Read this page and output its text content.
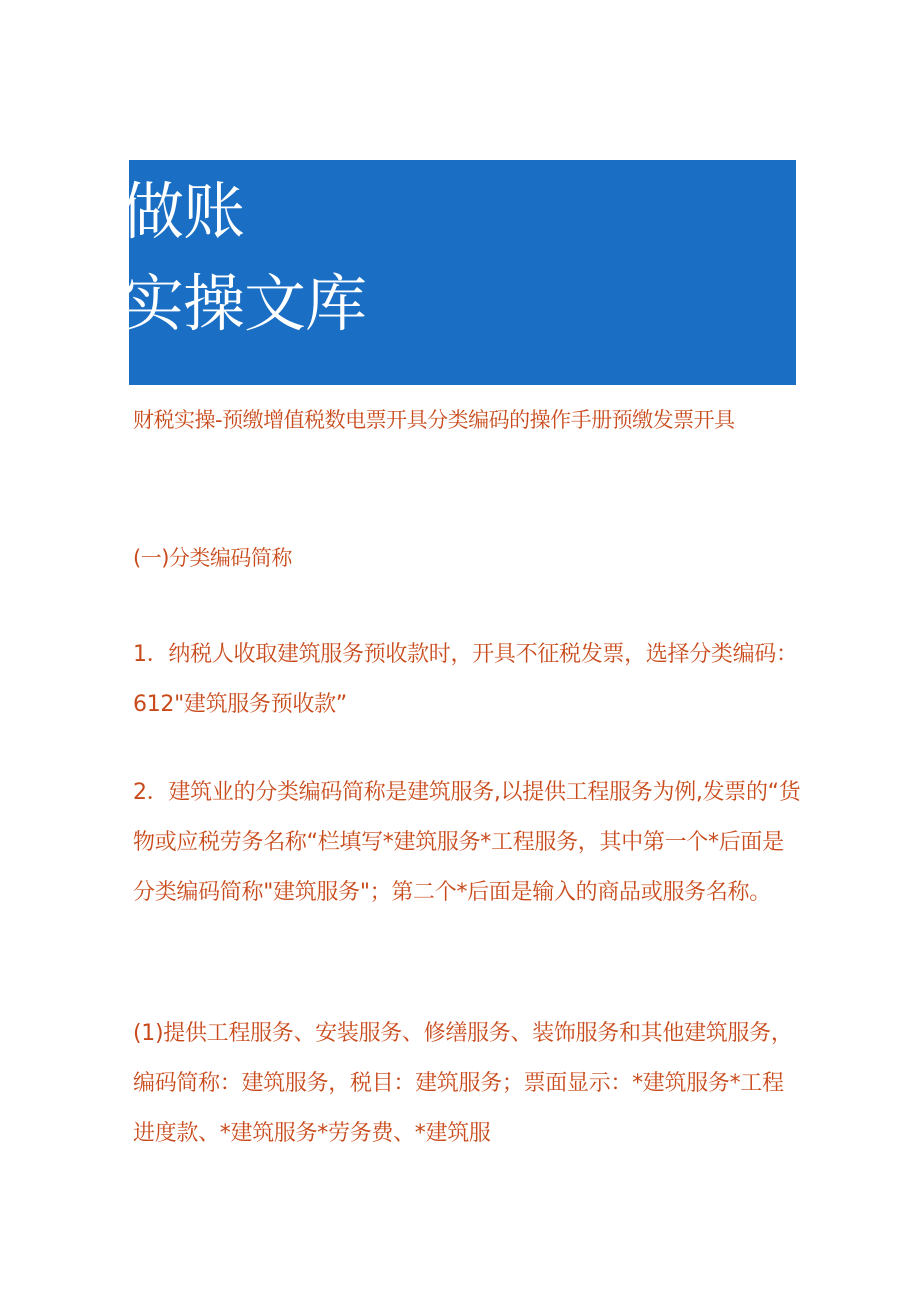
财税做账
会计实操文库
财税实操-预缴增值税数电票开具分类编码的操作手册预缴发票开具
(一)分类编码简称
1．纳税人收取建筑服务预收款时，开具不征税发票，选择分类编码：612"建筑服务预收款”
2．建筑业的分类编码简称是建筑服务,以提供工程服务为例,发票的“货物或应税劳务名称“栏填写*建筑服务*工程服务，其中第一个*后面是分类编码简称"建筑服务"；第二个*后面是输入的商品或服务名称。
(1)提供工程服务、安装服务、修缮服务、装饰服务和其他建筑服务，编码简称：建筑服务，税目：建筑服务；票面显示：*建筑服务*工程进度款、*建筑服务*劳务费、*建筑服
